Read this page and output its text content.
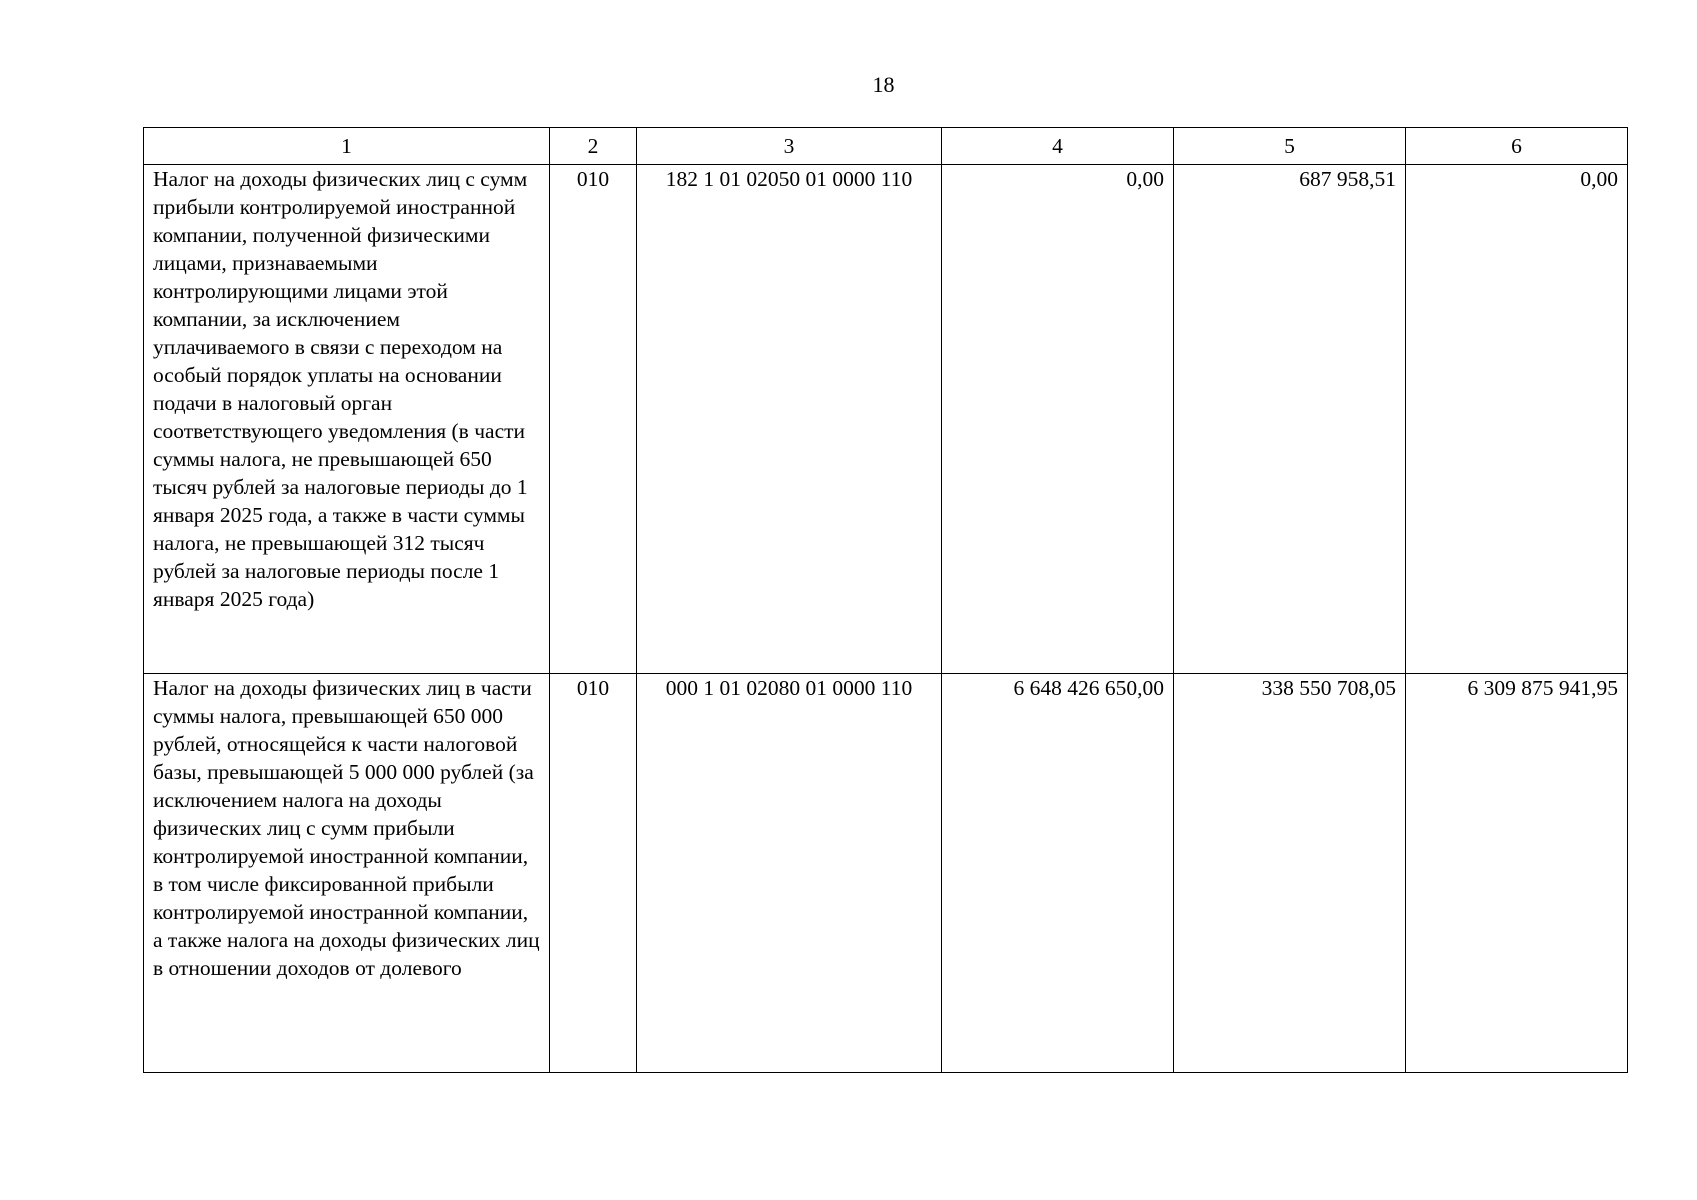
18
1	2	3	4	5	6
Налог на доходы физических лиц с сумм прибыли контролируемой иностранной компании, полученной физическими лицами, признаваемыми контролирующими лицами этой компании, за исключением уплачиваемого в связи с переходом на особый порядок уплаты на основании подачи в налоговый орган соответствующего уведомления (в части суммы налога, не превышающей 650 тысяч рублей за налоговые периоды до 1 января 2025 года, а также в части суммы налога, не превышающей 312 тысяч рублей за налоговые периоды после 1 января 2025 года)	010	182 1 01 02050 01 0000 110	0,00	687 958,51	0,00
Налог на доходы физических лиц в части суммы налога, превышающей 650 000 рублей, относящейся к части налоговой базы, превышающей 5 000 000 рублей (за исключением налога на доходы физических лиц с сумм прибыли контролируемой иностранной компании, в том числе фиксированной прибыли контролируемой иностранной компании, а также налога на доходы физических лиц в отношении доходов от долевого	010	000 1 01 02080 01 0000 110	6 648 426 650,00	338 550 708,05	6 309 875 941,95
